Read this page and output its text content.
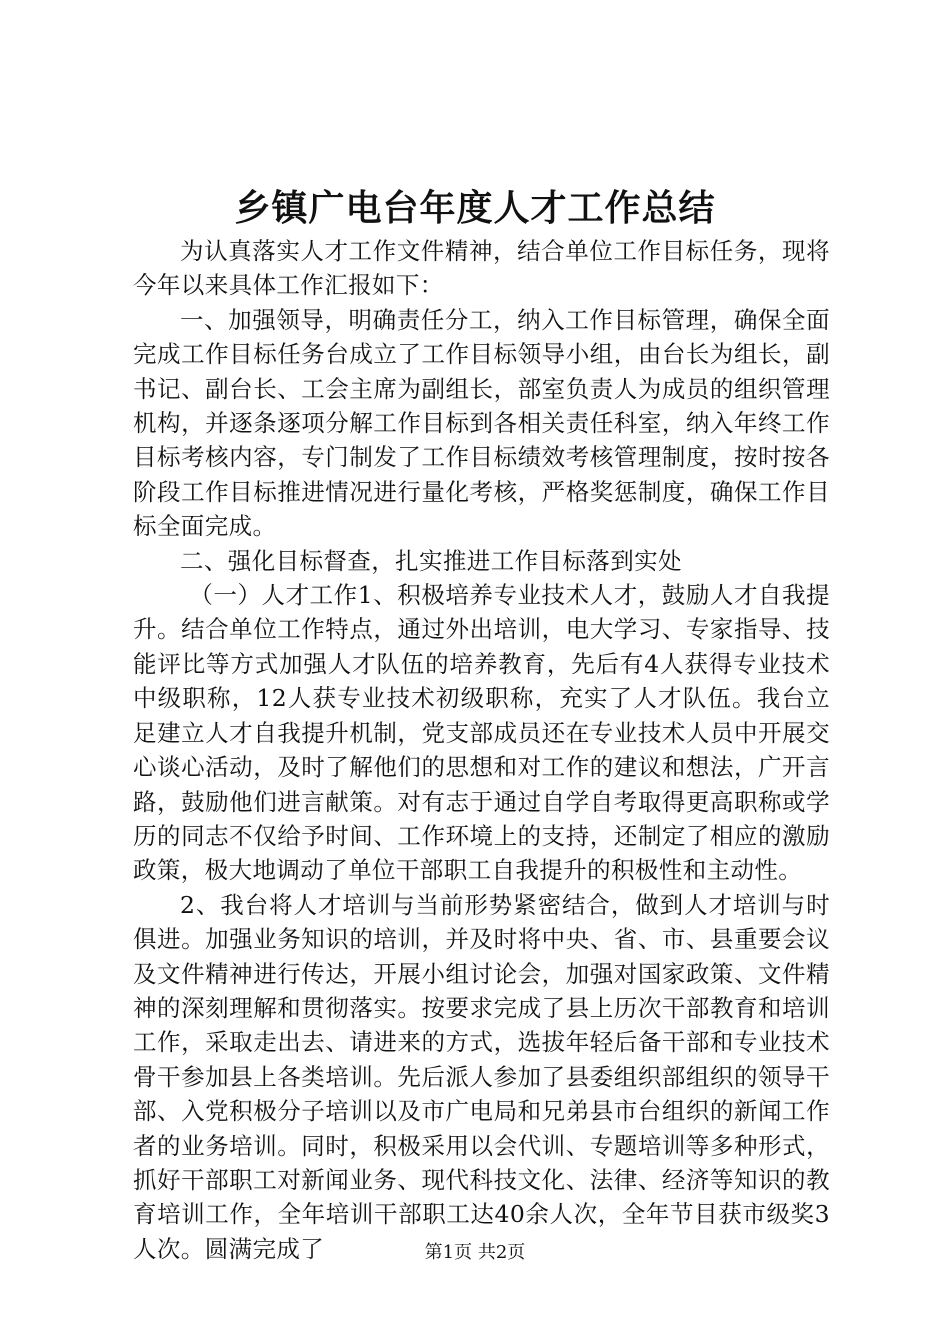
乡镇广电台年度人才工作总结

为认真落实人才工作文件精神，结合单位工作目标任务，现将今年以来具体工作汇报如下：

一、加强领导，明确责任分工，纳入工作目标管理，确保全面完成工作目标任务台成立了工作目标领导小组，由台长为组长，副书记、副台长、工会主席为副组长，部室负责人为成员的组织管理机构，并逐条逐项分解工作目标到各相关责任科室，纳入年终工作目标考核内容，专门制发了工作目标绩效考核管理制度，按时按各阶段工作目标推进情况进行量化考核，严格奖惩制度，确保工作目标全面完成。

二、强化目标督查，扎实推进工作目标落到实处

（一）人才工作1、积极培养专业技术人才，鼓励人才自我提升。结合单位工作特点，通过外出培训，电大学习、专家指导、技能评比等方式加强人才队伍的培养教育，先后有4人获得专业技术中级职称，12人获专业技术初级职称，充实了人才队伍。我台立足建立人才自我提升机制，党支部成员还在专业技术人员中开展交心谈心活动，及时了解他们的思想和对工作的建议和想法，广开言路，鼓励他们进言献策。对有志于通过自学自考取得更高职称或学历的同志不仅给予时间、工作环境上的支持，还制定了相应的激励政策，极大地调动了单位干部职工自我提升的积极性和主动性。

2、我台将人才培训与当前形势紧密结合，做到人才培训与时俱进。加强业务知识的培训，并及时将中央、省、市、县重要会议及文件精神进行传达，开展小组讨论会，加强对国家政策、文件精神的深刻理解和贯彻落实。按要求完成了县上历次干部教育和培训工作，采取走出去、请进来的方式，选拔年轻后备干部和专业技术骨干参加县上各类培训。先后派人参加了县委组织部组织的领导干部、入党积极分子培训以及市广电局和兄弟县市台组织的新闻工作者的业务培训。同时，积极采用以会代训、专题培训等多种形式，抓好干部职工对新闻业务、现代科技文化、法律、经济等知识的教育培训工作，全年培训干部职工达40余人次，全年节目获市级奖3人次。圆满完成了	第1页 共2页
